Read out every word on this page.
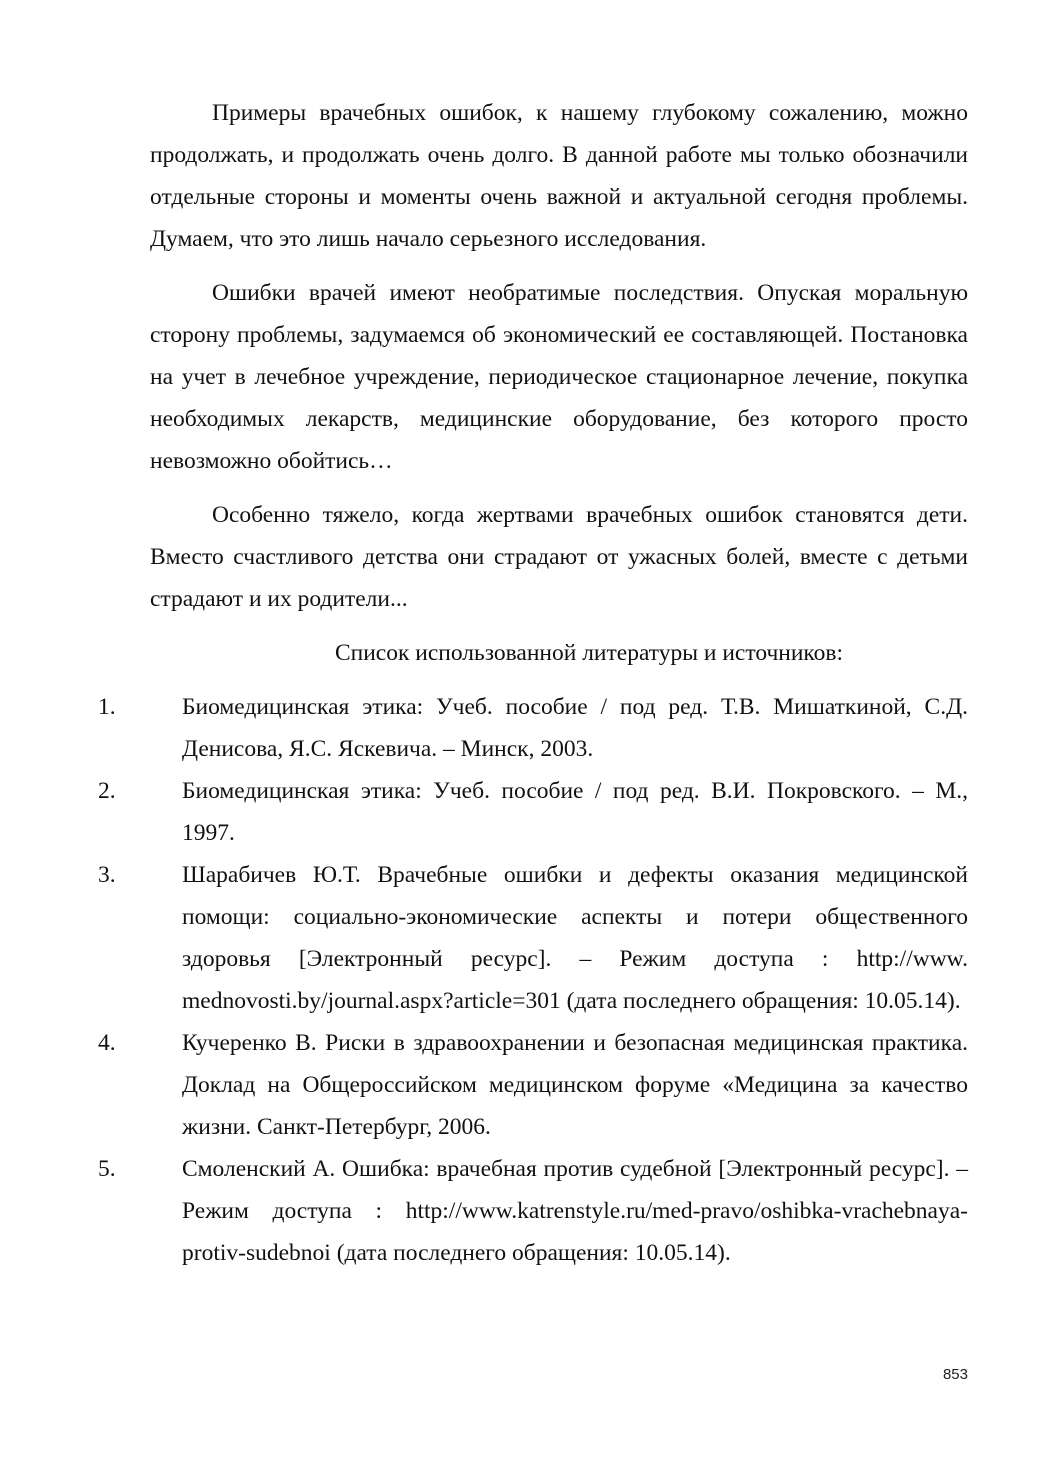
Примеры врачебных ошибок, к нашему глубокому сожалению, можно продолжать, и продолжать очень долго. В данной работе мы только обозначили отдельные стороны и моменты очень важной и актуальной сегодня проблемы. Думаем, что это лишь начало серьезного исследования.

Ошибки врачей имеют необратимые последствия. Опуская моральную сторону проблемы, задумаемся об экономический ее составляющей. Постановка на учет в лечебное учреждение, периодическое стационарное лечение, покупка необходимых лекарств, медицинские оборудование, без которого просто невозможно обойтись…

Особенно тяжело, когда жертвами врачебных ошибок становятся дети. Вместо счастливого детства они страдают от ужасных болей, вместе с детьми страдают и их родители...

Список использованной литературы и источников:

1.	Биомедицинская этика: Учеб. пособие / под ред. Т.В. Мишаткиной, С.Д. Денисова, Я.С. Яскевича. – Минск, 2003.
2.	Биомедицинская этика: Учеб. пособие / под ред. В.И. Покровского. – М., 1997.
3.	Шарабичев Ю.Т. Врачебные ошибки и дефекты оказания медицинской помощи: социально-экономические аспекты и потери общественного здоровья [Электронный ресурс]. – Режим доступа : http://www. mednovosti.by/journal.aspx?article=301 (дата последнего обращения: 10.05.14).
4.	Кучеренко В. Риски в здравоохранении и безопасная медицинская практика. Доклад на Общероссийском медицинском форуме «Медицина за качество жизни. Санкт-Петербург, 2006.
5.	Смоленский А. Ошибка: врачебная против судебной [Электронный ресурс]. – Режим доступа : http://www.katrenstyle.ru/med-pravo/oshibka-vrachebnaya-protiv-sudebnoi (дата последнего обращения: 10.05.14).
853
